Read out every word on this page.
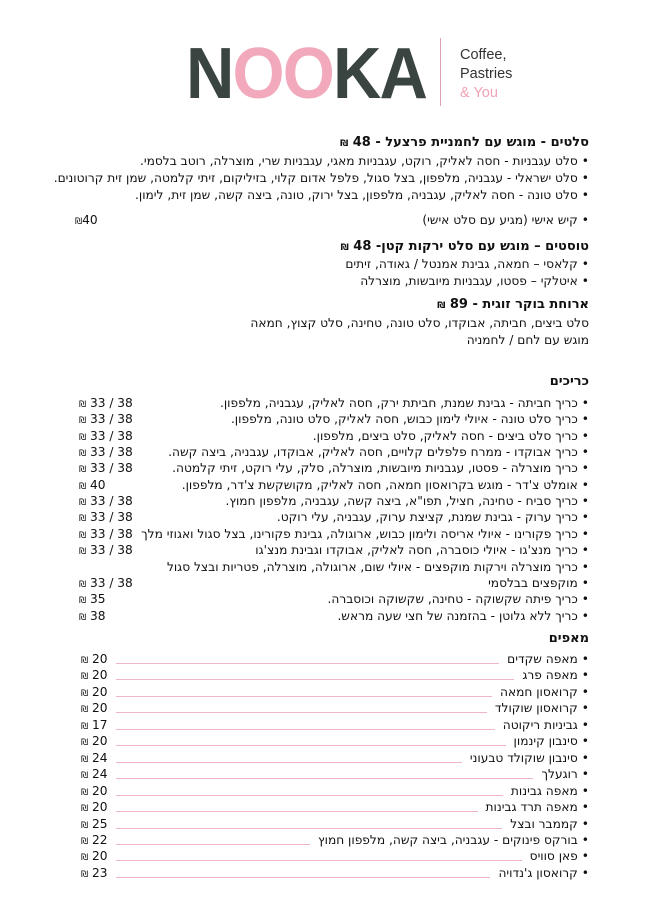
NOOKA Coffee,
Pastries
& You
סלטים - מוגש עם לחמניית פרצעל - 48 ₪
• סלט עגבניות - חסה לאליק, רוקט, עגבניות מאגי, עגבניות שרי, מוצרלה, רוטב בלסמי.
• סלט ישראלי - עגבניה, מלפפון, בצל סגול, פלפל אדום קלוי, בזיליקום, זיתי קלמטה, שמן זית קרוטונים.
• סלט טונה - חסה לאליק, עגבניה, מלפפון, בצל ירוק, טונה, ביצה קשה, שמן זית, לימון.
• קיש אישי (מגיע עם סלט אישי)
₪40
טוסטים – מוגש עם סלט ירקות קטן- 48 ₪
• קלאסי – חמאה, גבינת אמנטל / גאודה, זיתים
• איטלקי – פסטו, עגבניות מיובשות, מוצרלה
ארוחת בוקר זוגית - 89 ₪
סלט ביצים, חביתה, אבוקדו, סלט טונה, טחינה, סלט קצוץ, חמאה
מוגש עם לחם / לחמניה
כריכים
• כריך חביתה - גבינת שמנת, חביתת ירק, חסה לאליק, עגבניה, מלפפון.
₪ 33 / 38
• כריך סלט טונה - איולי לימון כבוש, חסה לאליק, סלט טונה, מלפפון.
₪ 33 / 38
• כריך סלט ביצים - חסה לאליק, סלט ביצים, מלפפון.
₪ 33 / 38
• כריך אבוקדו - ממרח פלפלים קלויים, חסה לאליק, אבוקדו, עגבניה, ביצה קשה.
₪ 33 / 38
• כריך מוצרלה - פסטו, עגבניות מיובשות, מוצרלה, סלק, עלי רוקט, זיתי קלמטה.
₪ 33 / 38
• אומלט צ'דר - מוגש בקרואסון חמאה, חסה לאליק, מקושקשת צ'דר, מלפפון.
₪ 40
• כריך סביח - טחינה, חציל, תפו"א, ביצה קשה, עגבניה, מלפפון חמוץ.
₪ 33 / 38
• כריך ערוק - גבינת שמנת, קציצת ערוק, עגבניה, עלי רוקט.
₪ 33 / 38
• כריך פקורינו - איולי אריסה ולימון כבוש, ארוגולה, גבינת פקורינו, בצל סגול ואגוזי מלך
₪ 33 / 38
• כריך מנצ'גו - איולי כוסברה, חסה לאליק, אבוקדו וגבינת מנצ'גו
₪ 33 / 38
• כריך מוצרלה וירקות מוקפצים - איולי שום, ארוגולה, מוצרלה, פטריות ובצל סגול
• מוקפצים בבלסמי
₪ 33 / 38
• כריך פיתה שקשוקה - טחינה, שקשוקה וכוסברה.
₪ 35
• כריך ללא גלוטן - בהזמנה של חצי שעה מראש.
₪ 38
מאפים
• מאפה שקדים
₪ 20
• מאפה פרג
₪ 20
• קרואסון חמאה
₪ 20
• קרואסון שוקולד
₪ 20
• גביניות ריקוטה
₪ 17
• סינבון קינמון
₪ 20
• סינבון שוקולד טבעוני
₪ 24
• רוגעלך
₪ 24
• מאפה גבינות
₪ 20
• מאפה תרד גבינות
₪ 20
• קממבר ובצל
₪ 25
• בורקס פינוקים - עגבניה, ביצה קשה, מלפפון חמוץ
₪ 22
• פאן סוויס
₪ 20
• קרואסון ג'נדויה
₪ 23
